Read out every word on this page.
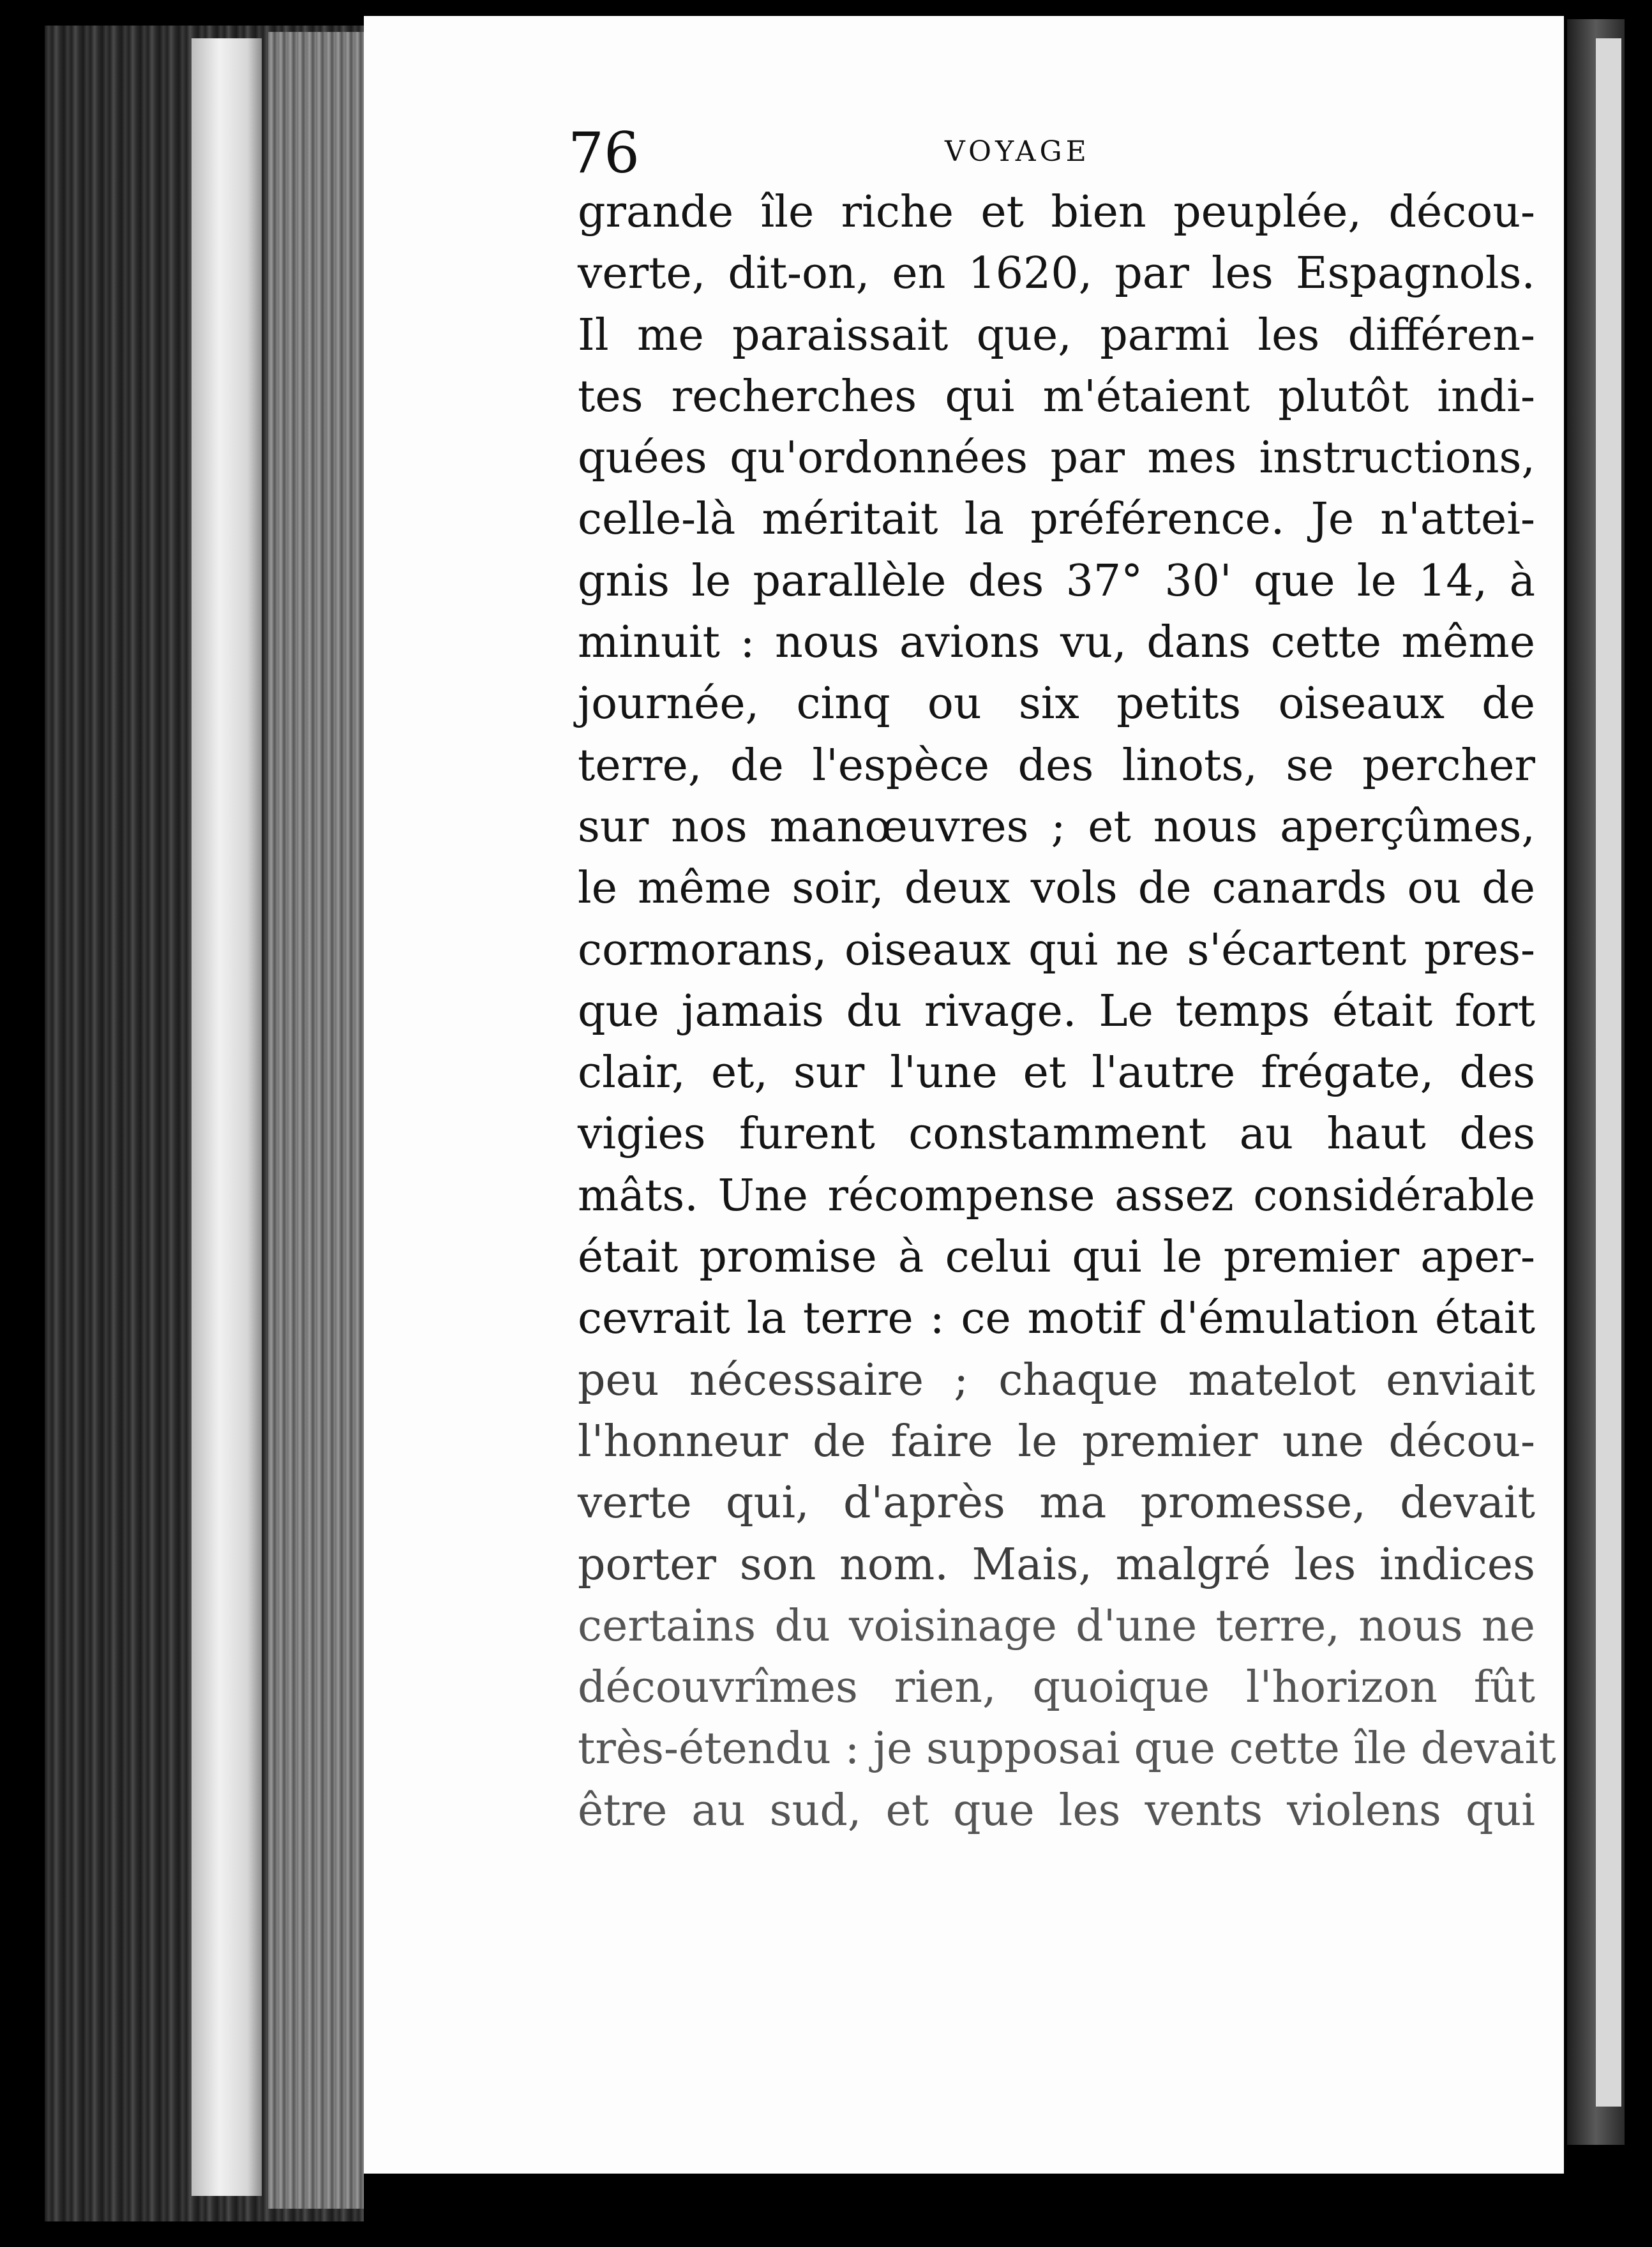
76	VOYAGE
grande île riche et bien peuplée, décou-
verte, dit-on, en 1620, par les Espagnols.
Il me paraissait que, parmi les différen-
tes recherches qui m'étaient plutôt indi-
quées qu'ordonnées par mes instructions,
celle-là méritait la préférence. Je n'attei-
gnis le parallèle des 37° 30' que le 14, à
minuit : nous avions vu, dans cette même
journée, cinq ou six petits oiseaux de
terre, de l'espèce des linots, se percher
sur nos manœuvres ; et nous aperçûmes,
le même soir, deux vols de canards ou de
cormorans, oiseaux qui ne s'écartent pres-
que jamais du rivage. Le temps était fort
clair, et, sur l'une et l'autre frégate, des
vigies furent constamment au haut des
mâts. Une récompense assez considérable
était promise à celui qui le premier aper-
cevrait la terre : ce motif d'émulation était
peu nécessaire ; chaque matelot enviait
l'honneur de faire le premier une décou-
verte qui, d'après ma promesse, devait
porter son nom. Mais, malgré les indices
certains du voisinage d'une terre, nous ne
découvrîmes rien, quoique l'horizon fût
très-étendu : je supposai que cette île devait
être au sud, et que les vents violens qui
